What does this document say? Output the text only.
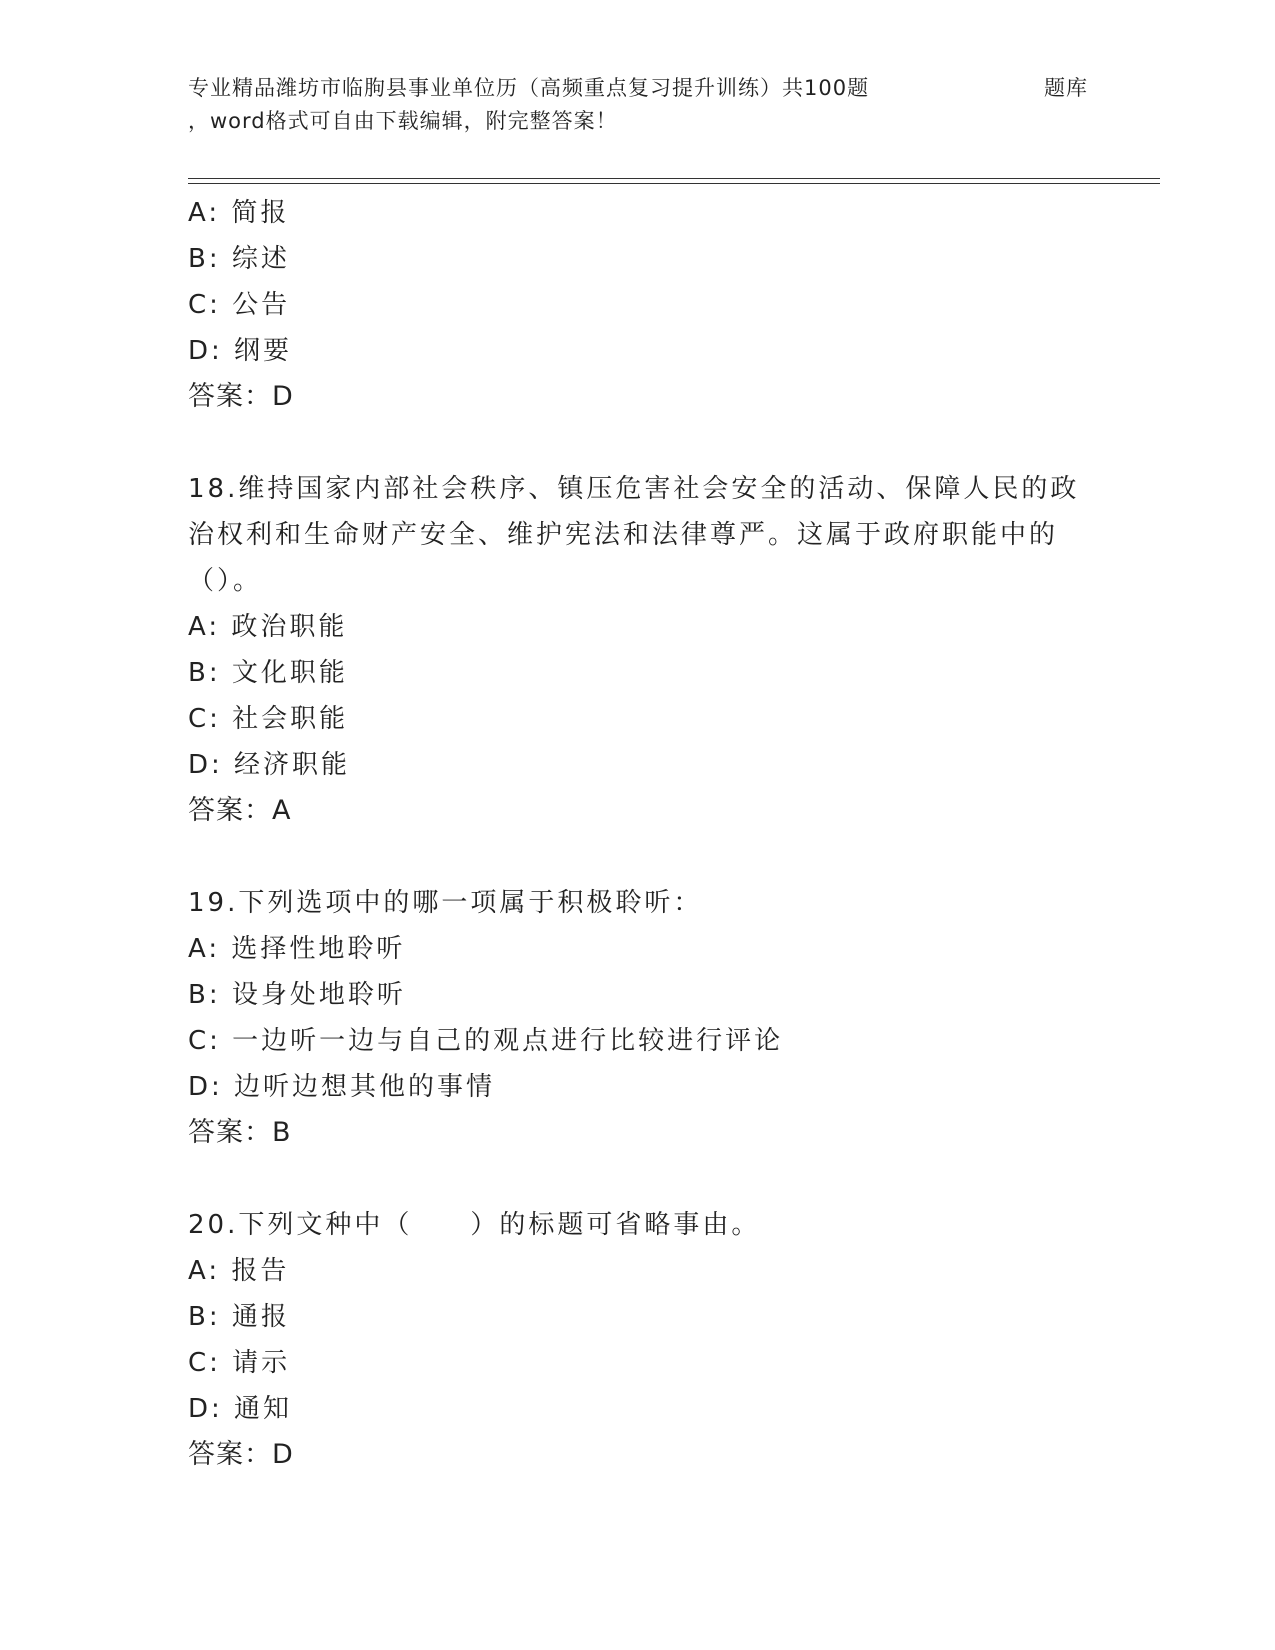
专业精品潍坊市临朐县事业单位历（高频重点复习提升训练）共100题	题库
，word格式可自由下载编辑，附完整答案！
A: 简报
B: 综述
C: 公告
D: 纲要
答案：D
18.维持国家内部社会秩序、镇压危害社会安全的活动、保障人民的政
治权利和生命财产安全、维护宪法和法律尊严。这属于政府职能中的
（）。
A: 政治职能
B: 文化职能
C: 社会职能
D: 经济职能
答案：A
19.下列选项中的哪一项属于积极聆听：
A: 选择性地聆听
B: 设身处地聆听
C: 一边听一边与自己的观点进行比较进行评论
D: 边听边想其他的事情
答案：B
20.下列文种中（　　）的标题可省略事由。
A: 报告
B: 通报
C: 请示
D: 通知
答案：D
